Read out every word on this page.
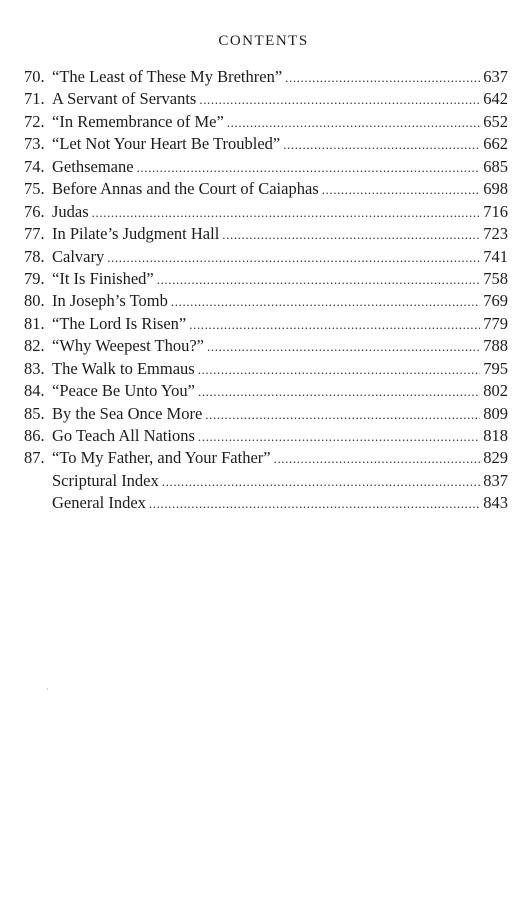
CONTENTS
70. “The Least of These My Brethren” .....	637
71. A Servant of Servants .....	642
72. “In Remembrance of Me” .....	652
73. “Let Not Your Heart Be Troubled” .....	662
74. Gethsemane .....	685
75. Before Annas and the Court of Caiaphas .....	698
76. Judas .....	716
77. In Pilate’s Judgment Hall .....	723
78. Calvary .....	741
79. “It Is Finished” .....	758
80. In Joseph’s Tomb .....	769
81. “The Lord Is Risen” .....	779
82. “Why Weepest Thou?” .....	788
83. The Walk to Emmaus .....	795
84. “Peace Be Unto You” .....	802
85. By the Sea Once More .....	809
86. Go Teach All Nations .....	818
87. “To My Father, and Your Father” .....	829
Scriptural Index .....	837
General Index .....	843
